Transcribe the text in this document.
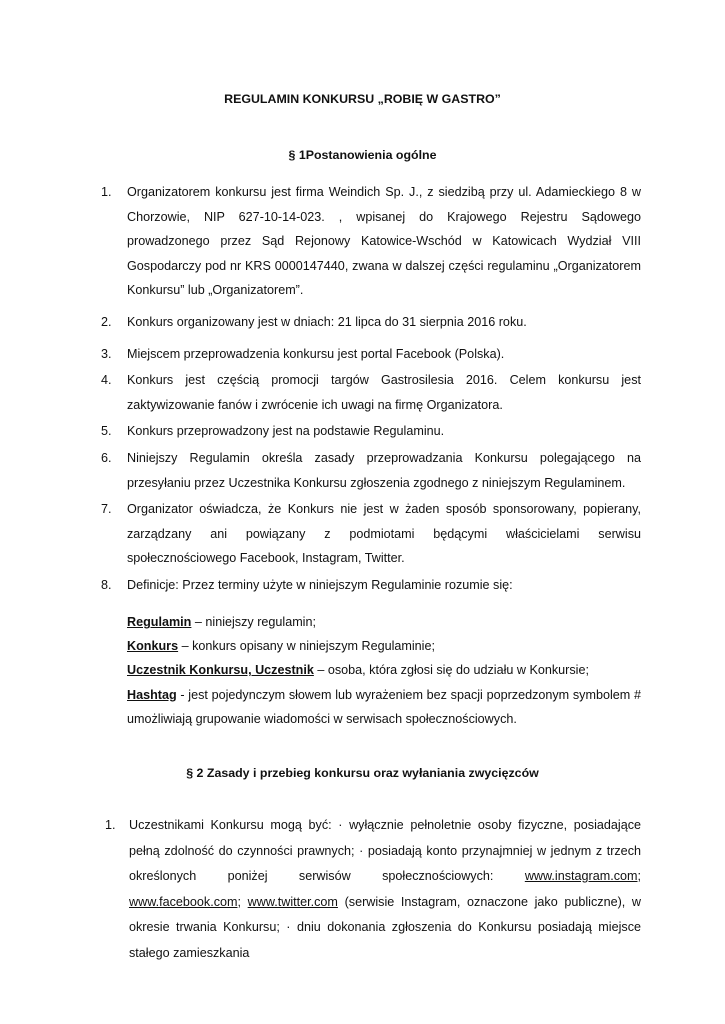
REGULAMIN KONKURSU „ROBIĘ W GASTRO”
§ 1Postanowienia ogólne
1. Organizatorem konkursu jest firma Weindich Sp. J., z siedzibą przy ul. Adamieckiego 8 w Chorzowie, NIP 627-10-14-023. , wpisanej do Krajowego Rejestru Sądowego prowadzonego przez Sąd Rejonowy Katowice-Wschód w Katowicach Wydział VIII Gospodarczy pod nr KRS 0000147440, zwana w dalszej części regulaminu „Organizatorem Konkursu” lub „Organizatorem”.
2. Konkurs organizowany jest w dniach: 21 lipca do 31 sierpnia 2016 roku.
3. Miejscem przeprowadzenia konkursu jest portal Facebook (Polska).
4. Konkurs jest częścią promocji targów Gastrosilesia 2016. Celem konkursu jest zaktywizowanie fanów i zwrócenie ich uwagi na firmę Organizatora.
5. Konkurs przeprowadzony jest na podstawie Regulaminu.
6. Niniejszy Regulamin określa zasady przeprowadzania Konkursu polegającego na przesyłaniu przez Uczestnika Konkursu zgłoszenia zgodnego z niniejszym Regulaminem.
7. Organizator oświadcza, że Konkurs nie jest w żaden sposób sponsorowany, popierany, zarządzany ani powiązany z podmiotami będącymi właścicielami serwisu społecznościowego Facebook, Instagram, Twitter.
8. Definicje: Przez terminy użyte w niniejszym Regulaminie rozumie się:

Regulamin – niniejszy regulamin;

Konkurs – konkurs opisany w niniejszym Regulaminie;

Uczestnik Konkursu, Uczestnik – osoba, która zgłosi się do udziału w Konkursie;

Hashtag - jest pojedynczym słowem lub wyrażeniem bez spacji poprzedzonym symbolem # umożliwiają grupowanie wiadomości w serwisach społecznościowych.

§ 2 Zasady i przebieg konkursu oraz wyłaniania zwycięzców
1. Uczestnikami Konkursu mogą być: · wyłącznie pełnoletnie osoby fizyczne, posiadające pełną zdolność do czynności prawnych; · posiadają konto przynajmniej w jednym z trzech określonych poniżej serwisów społecznościowych: www.instagram.com; www.facebook.com; www.twitter.com (serwisie Instagram, oznaczone jako publiczne), w okresie trwania Konkursu; · dniu dokonania zgłoszenia do Konkursu posiadają miejsce stałego zamieszkania
